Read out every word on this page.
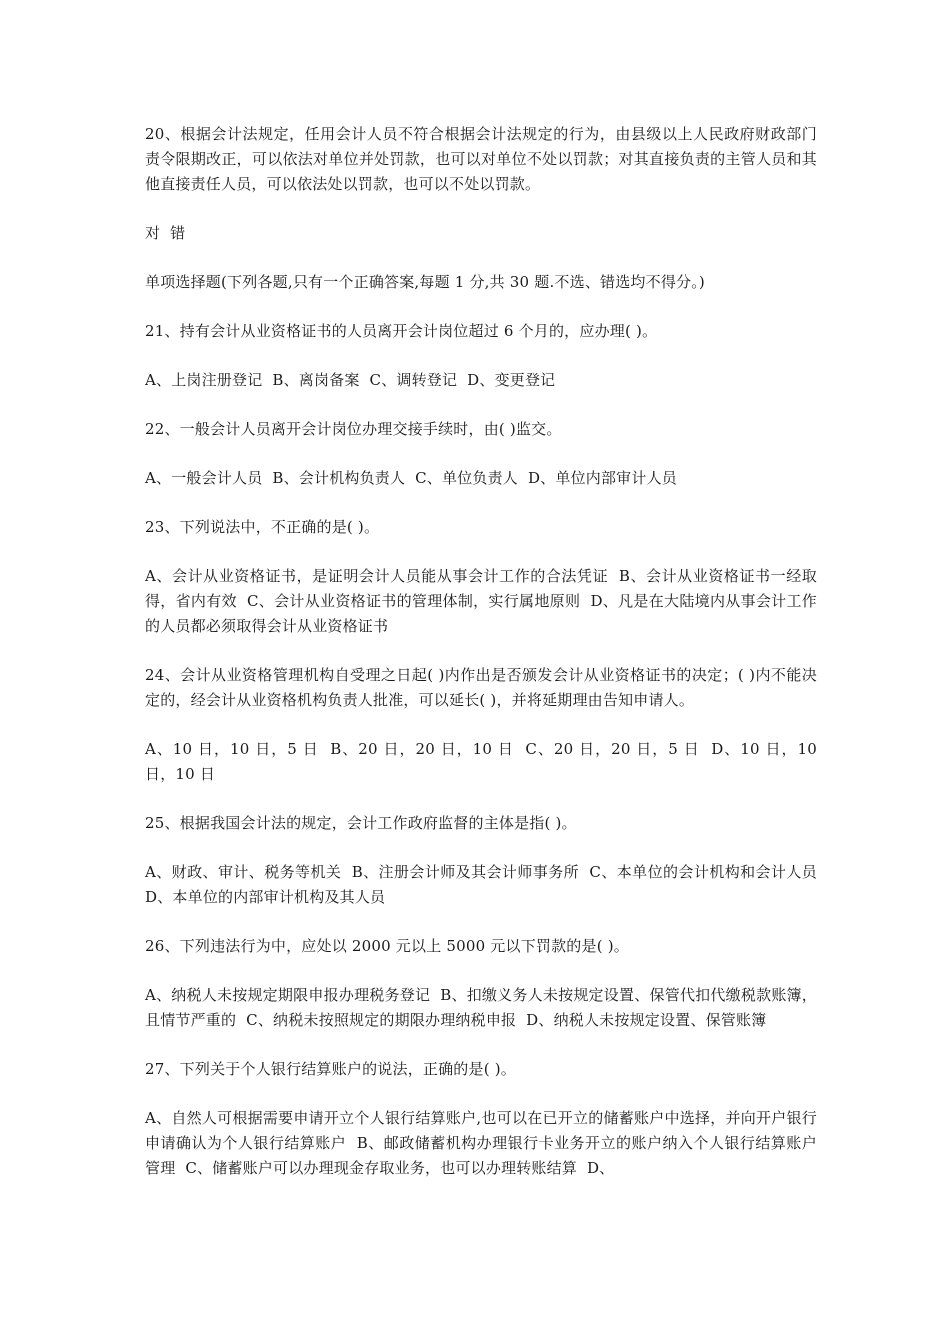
20、根据会计法规定，任用会计人员不符合根据会计法规定的行为，由县级以上人民政府财政部门责令限期改正，可以依法对单位并处罚款，也可以对单位不处以罚款；对其直接负责的主管人员和其他直接责任人员，可以依法处以罚款，也可以不处以罚款。

对  错

单项选择题(下列各题,只有一个正确答案,每题 1 分,共 30 题.不选、错选均不得分。)

21、持有会计从业资格证书的人员离开会计岗位超过 6 个月的，应办理( )。

A、上岗注册登记  B、离岗备案  C、调转登记  D、变更登记

22、一般会计人员离开会计岗位办理交接手续时，由( )监交。

A、一般会计人员  B、会计机构负责人  C、单位负责人  D、单位内部审计人员

23、下列说法中，不正确的是( )。

A、会计从业资格证书，是证明会计人员能从事会计工作的合法凭证  B、会计从业资格证书一经取得，省内有效  C、会计从业资格证书的管理体制，实行属地原则  D、凡是在大陆境内从事会计工作的人员都必须取得会计从业资格证书

24、会计从业资格管理机构自受理之日起( )内作出是否颁发会计从业资格证书的决定；( )内不能决定的，经会计从业资格机构负责人批准，可以延长( )，并将延期理由告知申请人。

A、10 日，10 日，5 日  B、20 日，20 日，10 日  C、20 日，20 日，5 日  D、10 日，10 日，10 日

25、根据我国会计法的规定，会计工作政府监督的主体是指( )。

A、财政、审计、税务等机关  B、注册会计师及其会计师事务所  C、本单位的会计机构和会计人员  D、本单位的内部审计机构及其人员

26、下列违法行为中，应处以 2000 元以上 5000 元以下罚款的是( )。

A、纳税人未按规定期限申报办理税务登记  B、扣缴义务人未按规定设置、保管代扣代缴税款账簿，且情节严重的  C、纳税未按照规定的期限办理纳税申报  D、纳税人未按规定设置、保管账簿

27、下列关于个人银行结算账户的说法，正确的是( )。

A、自然人可根据需要申请开立个人银行结算账户,也可以在已开立的储蓄账户中选择，并向开户银行申请确认为个人银行结算账户  B、邮政储蓄机构办理银行卡业务开立的账户纳入个人银行结算账户管理  C、储蓄账户可以办理现金存取业务，也可以办理转账结算  D、
